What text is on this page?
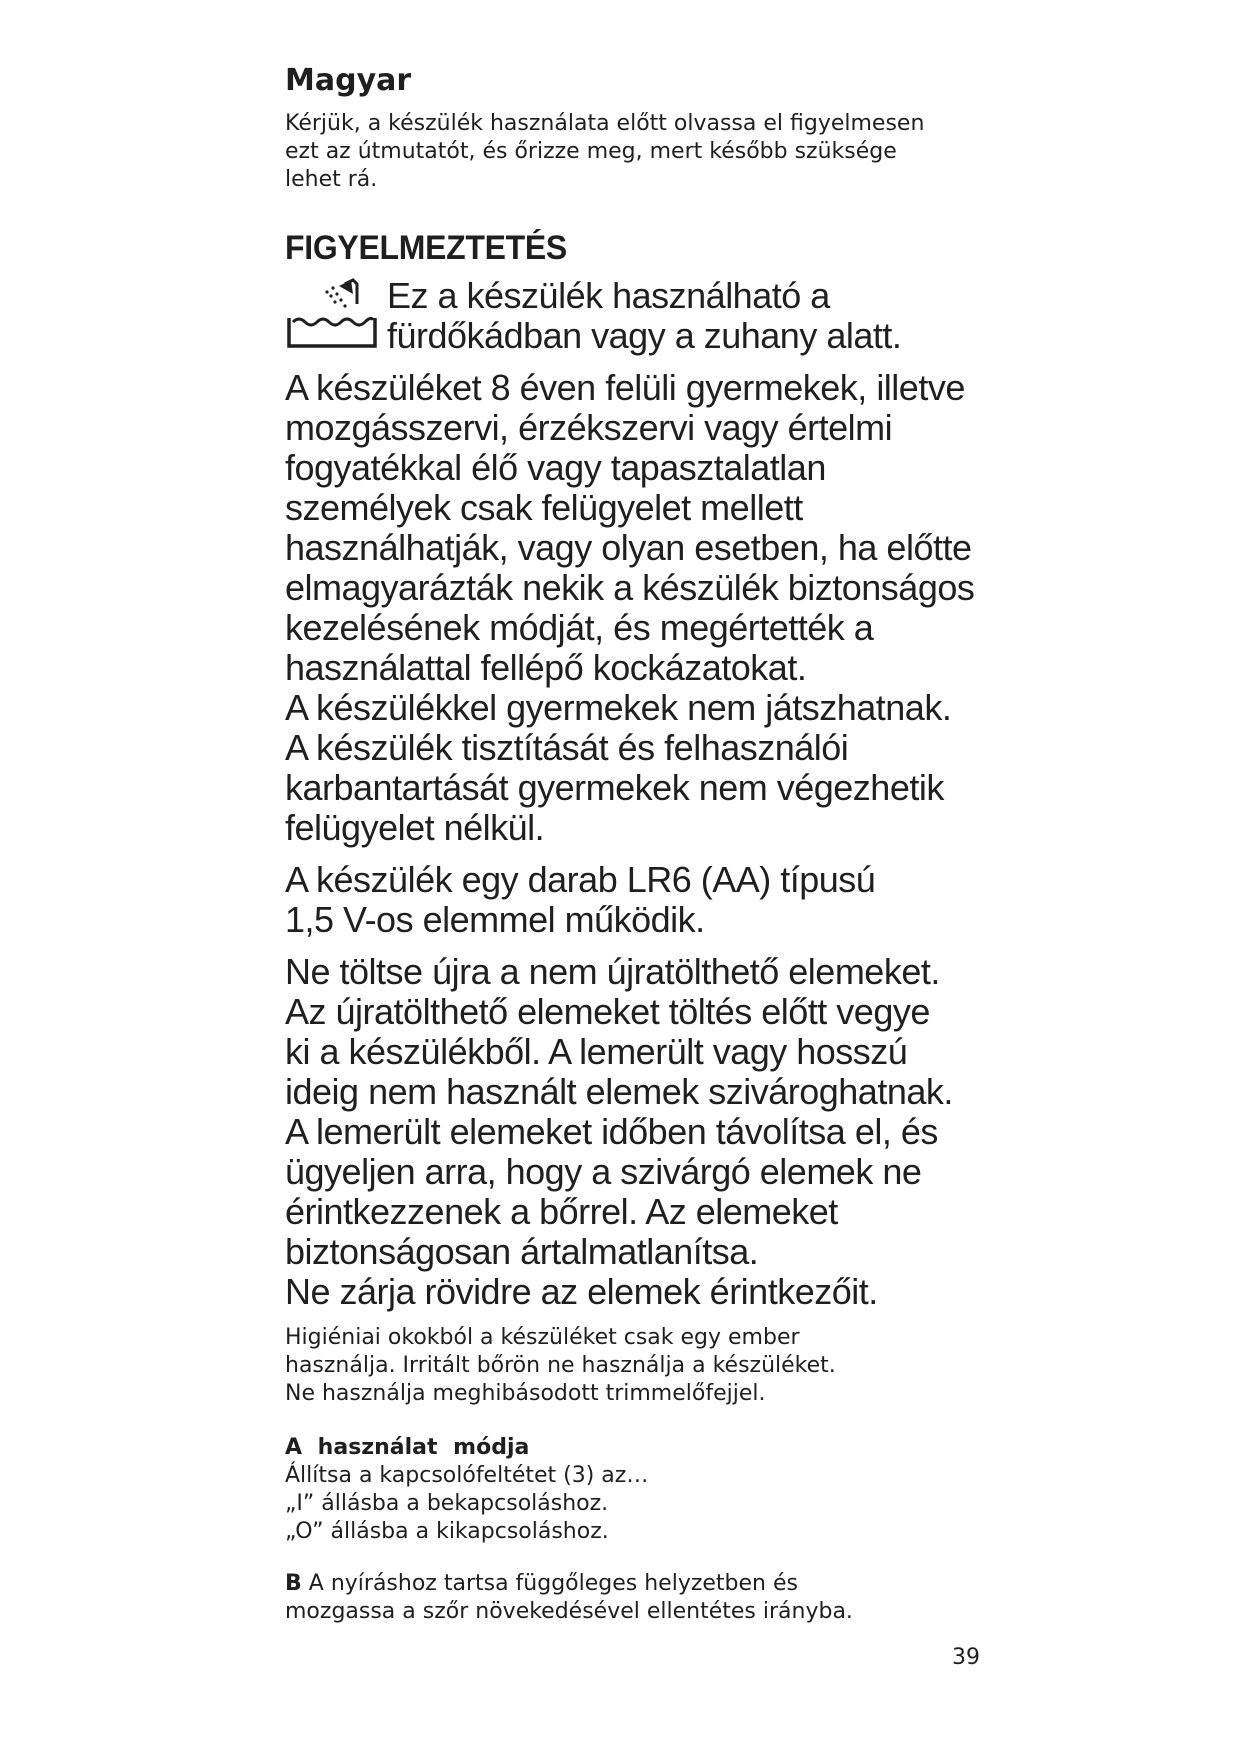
Magyar

Kérjük, a készülék használata előtt olvassa el figyelmesen
ezt az útmutatót, és őrizze meg, mert később szüksége
lehet rá.

FIGYELMEZTETÉS

Ez a készülék használható a
fürdőkádban vagy a zuhany alatt.

A készüléket 8 éven felüli gyermekek, illetve
mozgásszervi, érzékszervi vagy értelmi
fogyatékkal élő vagy tapasztalatlan
személyek csak felügyelet mellett
használhatják, vagy olyan esetben, ha előtte
elmagyarázták nekik a készülék biztonságos
kezelésének módját, és megértették a
használattal fellépő kockázatokat.
A készülékkel gyermekek nem játszhatnak.
A készülék tisztítását és felhasználói
karbantartását gyermekek nem végezhetik
felügyelet nélkül.

A készülék egy darab LR6 (AA) típusú
1,5 V-os elemmel működik.

Ne töltse újra a nem újratölthető elemeket.
Az újratölthető elemeket töltés előtt vegye
ki a készülékből. A lemerült vagy hosszú
ideig nem használt elemek szivároghatnak.
A lemerült elemeket időben távolítsa el, és
ügyeljen arra, hogy a szivárgó elemek ne
érintkezzenek a bőrrel. Az elemeket
biztonságosan ártalmatlanítsa.
Ne zárja rövidre az elemek érintkezőit.

Higiéniai okokból a készüléket csak egy ember
használja. Irritált bőrön ne használja a készüléket.
Ne használja meghibásodott trimmelőfejjel.

A használat módja

Állítsa a kapcsolófeltétet (3) az…
„I” állásba a bekapcsoláshoz.
„O” állásba a kikapcsoláshoz.

B A nyíráshoz tartsa függőleges helyzetben és
mozgassa a szőr növekedésével ellentétes irányba.

39
